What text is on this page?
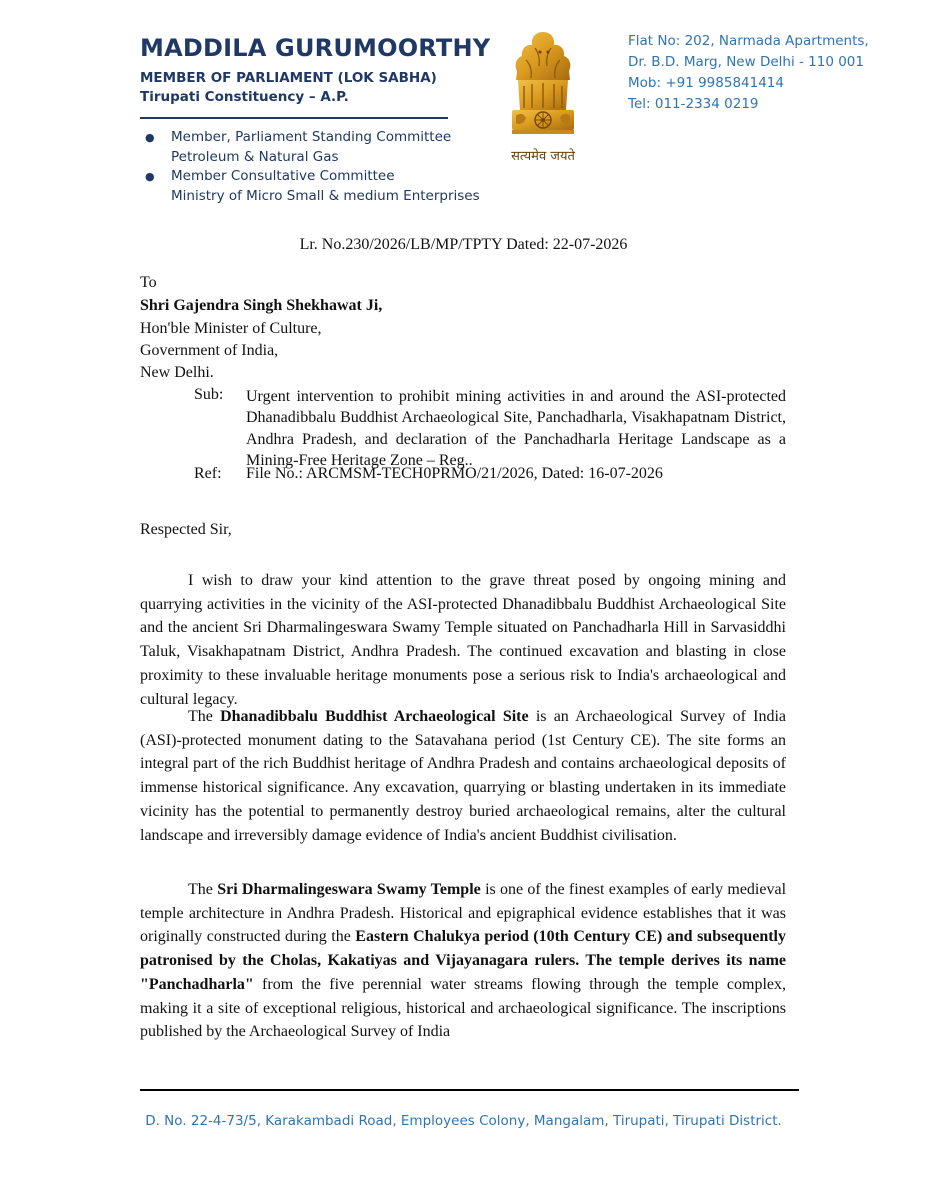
MADDILA GURUMOORTHY
MEMBER OF PARLIAMENT (LOK SABHA)
Tirupati Constituency – A.P.
● Member, Parliament Standing Committee
Petroleum & Natural Gas
● Member Consultative Committee
Ministry of Micro Small & medium Enterprises
सत्यमेव जयते
Flat No: 202, Narmada Apartments,
Dr. B.D. Marg, New Delhi - 110 001
Mob: +91 9985841414
Tel: 011-2334 0219
Lr. No.230/2026/LB/MP/TPTY Dated: 22-07-2026
To
Shri Gajendra Singh Shekhawat Ji,
Hon'ble Minister of Culture,
Government of India,
New Delhi.
Sub: Urgent intervention to prohibit mining activities in and around the ASI-protected Dhanadibbalu Buddhist Archaeological Site, Panchadharla, Visakhapatnam District, Andhra Pradesh, and declaration of the Panchadharla Heritage Landscape as a Mining-Free Heritage Zone – Reg..
Ref: File No.: ARCMSM-TECH0PRMO/21/2026, Dated: 16-07-2026
Respected Sir,

I wish to draw your kind attention to the grave threat posed by ongoing mining and quarrying activities in the vicinity of the ASI-protected Dhanadibbalu Buddhist Archaeological Site and the ancient Sri Dharmalingeswara Swamy Temple situated on Panchadharla Hill in Sarvasiddhi Taluk, Visakhapatnam District, Andhra Pradesh. The continued excavation and blasting in close proximity to these invaluable heritage monuments pose a serious risk to India's archaeological and cultural legacy.

The Dhanadibbalu Buddhist Archaeological Site is an Archaeological Survey of India (ASI)-protected monument dating to the Satavahana period (1st Century CE). The site forms an integral part of the rich Buddhist heritage of Andhra Pradesh and contains archaeological deposits of immense historical significance. Any excavation, quarrying or blasting undertaken in its immediate vicinity has the potential to permanently destroy buried archaeological remains, alter the cultural landscape and irreversibly damage evidence of India's ancient Buddhist civilisation.

The Sri Dharmalingeswara Swamy Temple is one of the finest examples of early medieval temple architecture in Andhra Pradesh. Historical and epigraphical evidence establishes that it was originally constructed during the Eastern Chalukya period (10th Century CE) and subsequently patronised by the Cholas, Kakatiyas and Vijayanagara rulers. The temple derives its name "Panchadharla" from the five perennial water streams flowing through the temple complex, making it a site of exceptional religious, historical and archaeological significance. The inscriptions published by the Archaeological Survey of India

D. No. 22-4-73/5, Karakambadi Road, Employees Colony, Mangalam, Tirupati, Tirupati District.
